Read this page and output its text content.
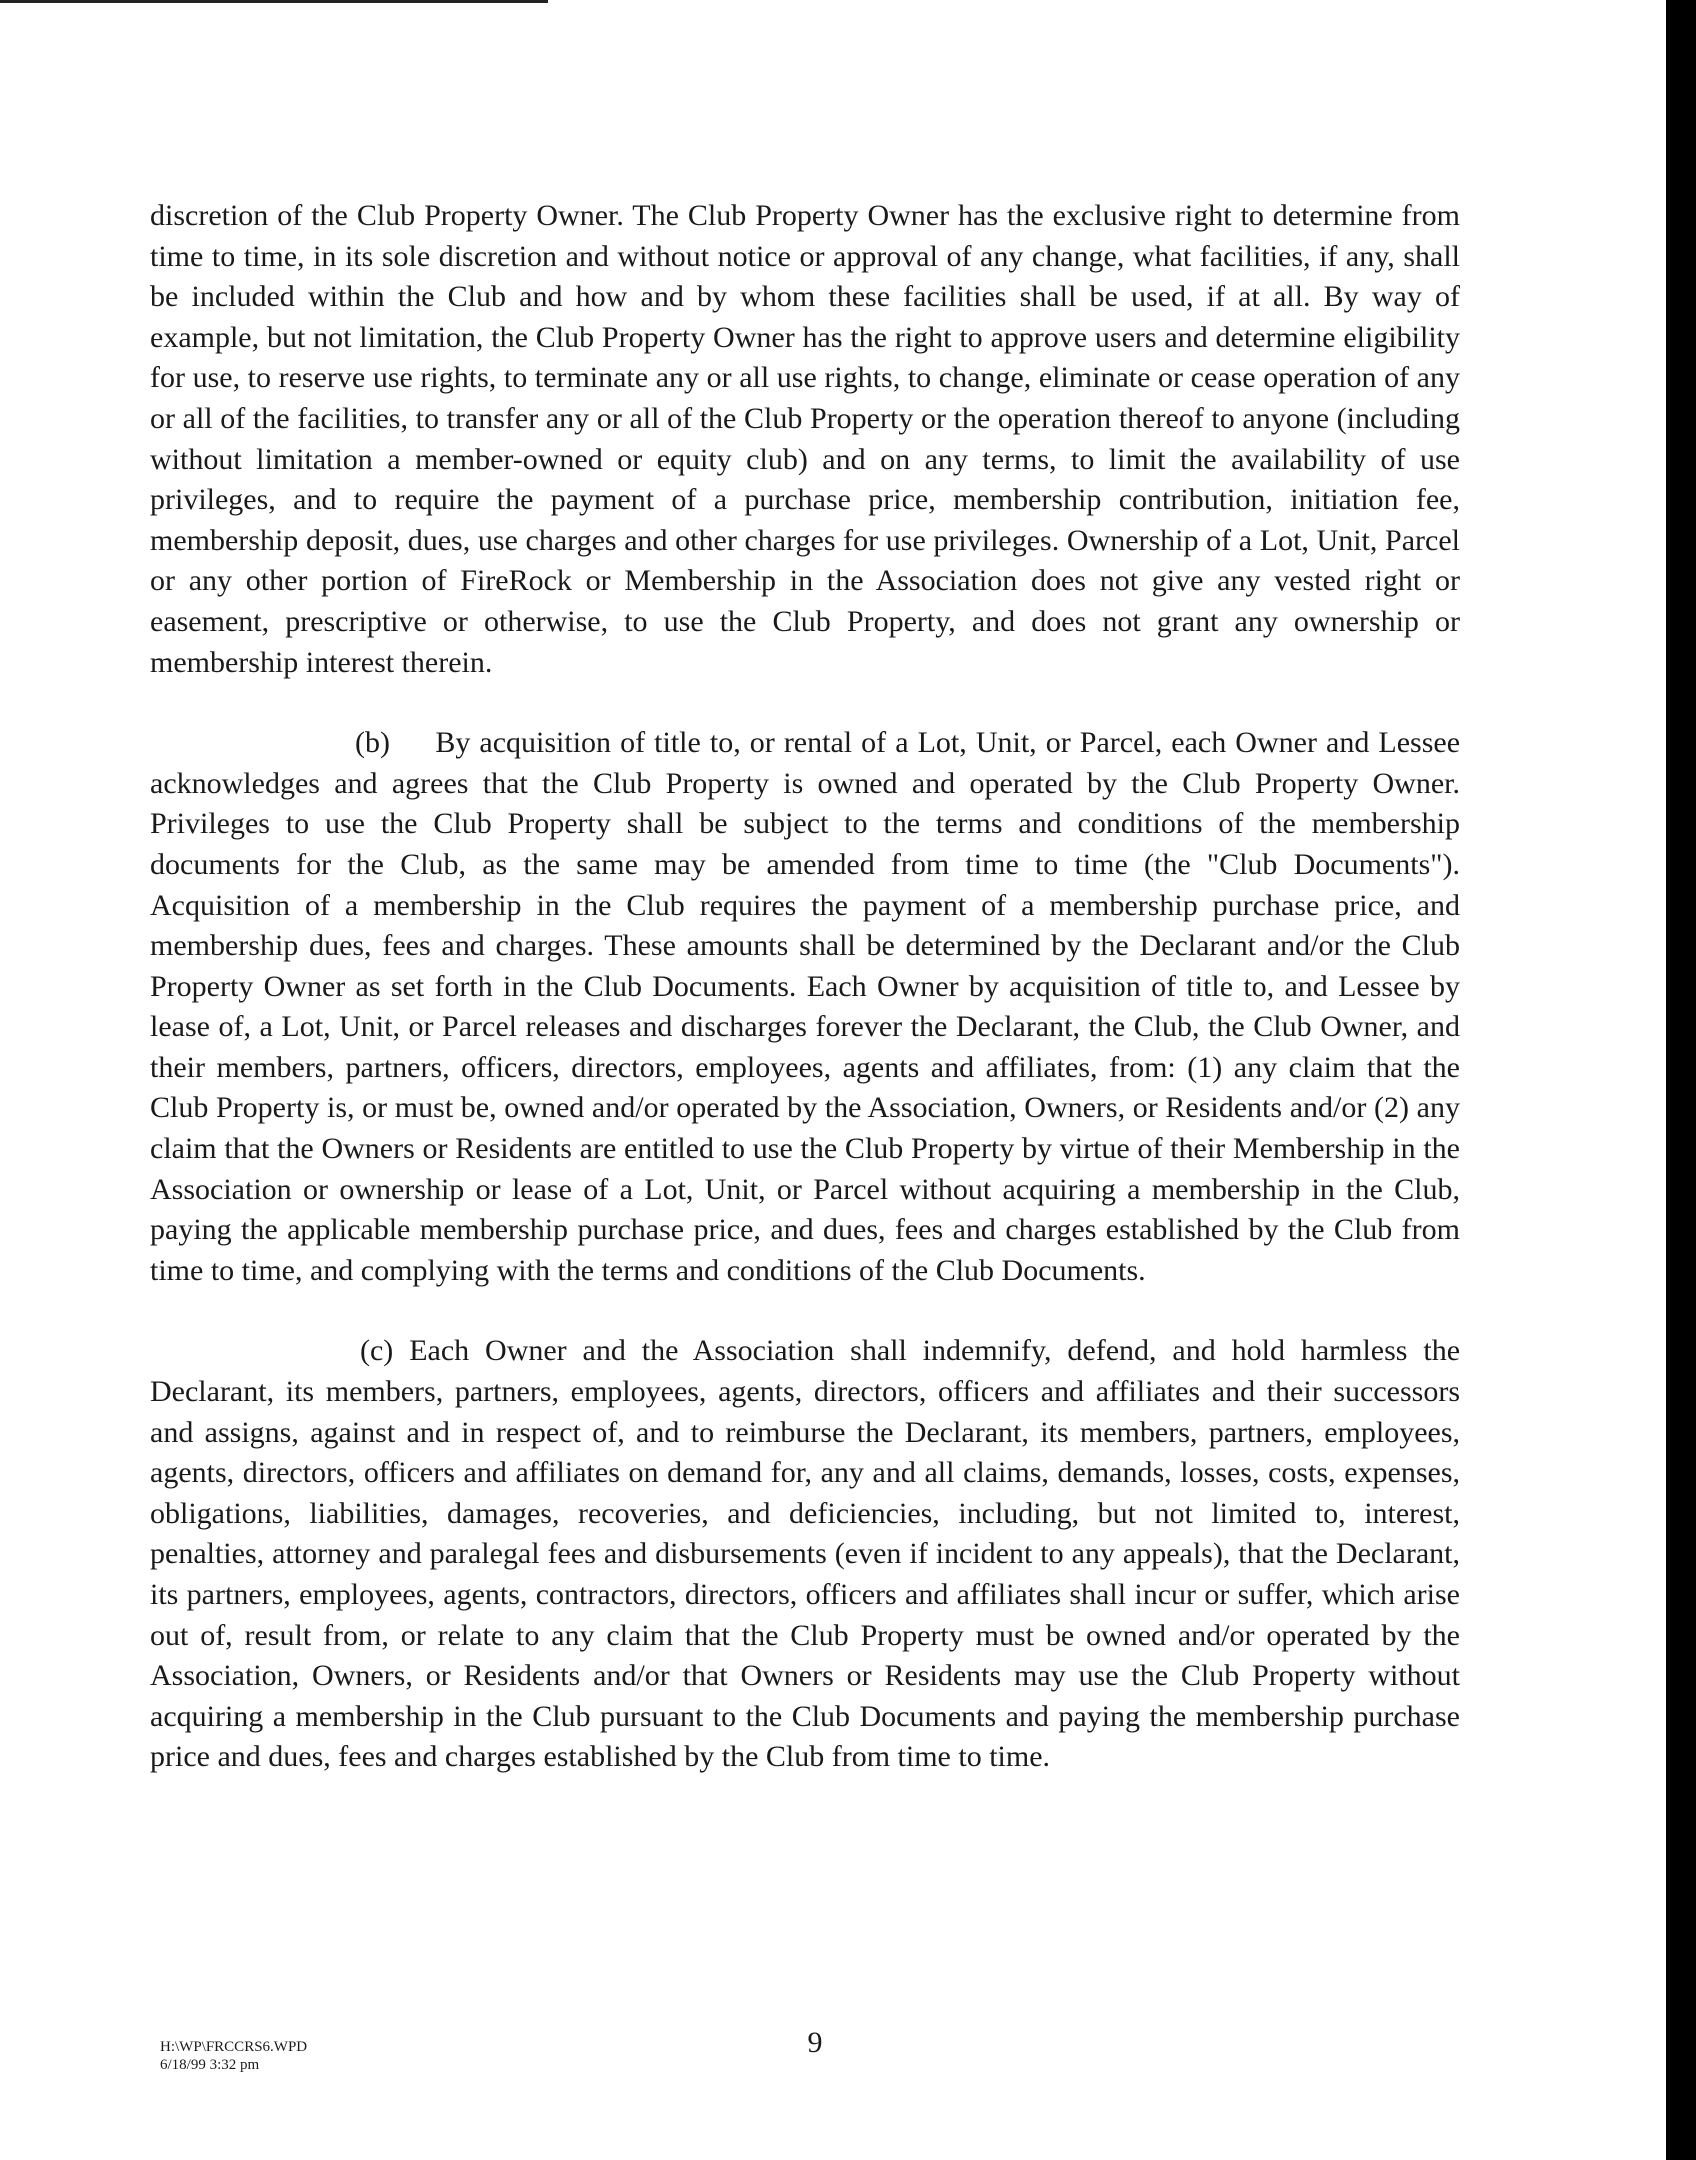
discretion of the Club Property Owner. The Club Property Owner has the exclusive right to determine from time to time, in its sole discretion and without notice or approval of any change, what facilities, if any, shall be included within the Club and how and by whom these facilities shall be used, if at all. By way of example, but not limitation, the Club Property Owner has the right to approve users and determine eligibility for use, to reserve use rights, to terminate any or all use rights, to change, eliminate or cease operation of any or all of the facilities, to transfer any or all of the Club Property or the operation thereof to anyone (including without limitation a member-owned or equity club) and on any terms, to limit the availability of use privileges, and to require the payment of a purchase price, membership contribution, initiation fee, membership deposit, dues, use charges and other charges for use privileges. Ownership of a Lot, Unit, Parcel or any other portion of FireRock or Membership in the Association does not give any vested right or easement, prescriptive or otherwise, to use the Club Property, and does not grant any ownership or membership interest therein.

(b) By acquisition of title to, or rental of a Lot, Unit, or Parcel, each Owner and Lessee acknowledges and agrees that the Club Property is owned and operated by the Club Property Owner. Privileges to use the Club Property shall be subject to the terms and conditions of the membership documents for the Club, as the same may be amended from time to time (the "Club Documents"). Acquisition of a membership in the Club requires the payment of a membership purchase price, and membership dues, fees and charges. These amounts shall be determined by the Declarant and/or the Club Property Owner as set forth in the Club Documents. Each Owner by acquisition of title to, and Lessee by lease of, a Lot, Unit, or Parcel releases and discharges forever the Declarant, the Club, the Club Owner, and their members, partners, officers, directors, employees, agents and affiliates, from: (1) any claim that the Club Property is, or must be, owned and/or operated by the Association, Owners, or Residents and/or (2) any claim that the Owners or Residents are entitled to use the Club Property by virtue of their Membership in the Association or ownership or lease of a Lot, Unit, or Parcel without acquiring a membership in the Club, paying the applicable membership purchase price, and dues, fees and charges established by the Club from time to time, and complying with the terms and conditions of the Club Documents.

(c) Each Owner and the Association shall indemnify, defend, and hold harmless the Declarant, its members, partners, employees, agents, directors, officers and affiliates and their successors and assigns, against and in respect of, and to reimburse the Declarant, its members, partners, employees, agents, directors, officers and affiliates on demand for, any and all claims, demands, losses, costs, expenses, obligations, liabilities, damages, recoveries, and deficiencies, including, but not limited to, interest, penalties, attorney and paralegal fees and disbursements (even if incident to any appeals), that the Declarant, its partners, employees, agents, contractors, directors, officers and affiliates shall incur or suffer, which arise out of, result from, or relate to any claim that the Club Property must be owned and/or operated by the Association, Owners, or Residents and/or that Owners or Residents may use the Club Property without acquiring a membership in the Club pursuant to the Club Documents and paying the membership purchase price and dues, fees and charges established by the Club from time to time.

H:\WP\FRCCRS6.WPD
6/18/99 3:32 pm
9
